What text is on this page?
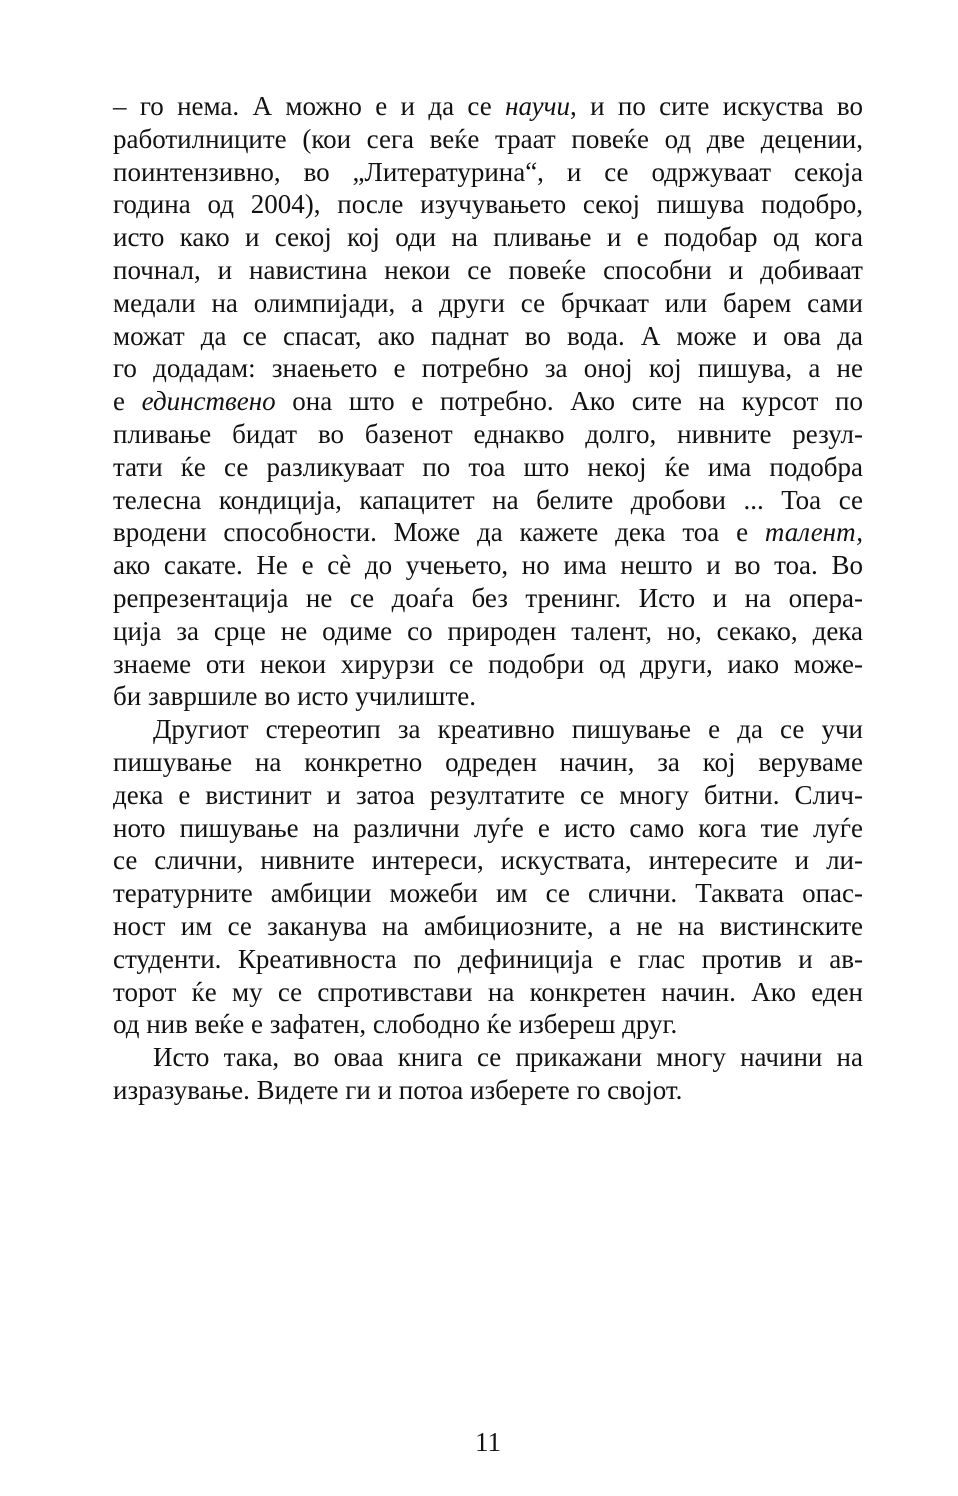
– го нема. А можно е и да се научи, и по сите искуства во
работилниците (кои сега веќе траат повеќе од две децении,
поинтензивно, во „Литературина“, и се одржуваат секоја
година од 2004), после изучувањето секој пишува подобро,
исто како и секој кој оди на пливање и е подобар од кога
почнал, и навистина некои се повеќе способни и добиваат
медали на олимпијади, а други се брчкаат или барем сами
можат да се спасат, ако паднат во вода. А може и ова да
го додадам: знаењето е потребно за оној кој пишува, а не
е единствено она што е потребно. Ако сите на курсот по
пливање бидат во базенот еднакво долго, нивните резул-
тати ќе се разликуваат по тоа што некој ќе има подобра
телесна кондиција, капацитет на белите дробови ... Тоа се
вродени способности. Може да кажете дека тоа е талент,
ако сакате. Не е сѐ до учењето, но има нешто и во тоа. Во
репрезентација не се доаѓа без тренинг. Исто и на опера-
ција за срце не одиме со природен талент, но, секако, дека
знаеме оти некои хирурзи се подобри од други, иако може-
би завршиле во исто училиште.
Другиот стереотип за креативно пишување е да се учи
пишување на конкретно одреден начин, за кој веруваме
дека е вистинит и затоа резултатите се многу битни. Слич-
ното пишување на различни луѓе е исто само кога тие луѓе
се слични, нивните интереси, искуствата, интересите и ли-
тературните амбиции можеби им се слични. Таквата опас-
ност им се заканува на амбициозните, а не на вистинските
студенти. Креативноста по дефиниција е глас против и ав-
торот ќе му се спротивстави на конкретен начин. Ако еден
од нив веќе е зафатен, слободно ќе избереш друг.
Исто така, во оваа книга се прикажани многу начини на
изразување. Видете ги и потоа изберете го својот.
11
